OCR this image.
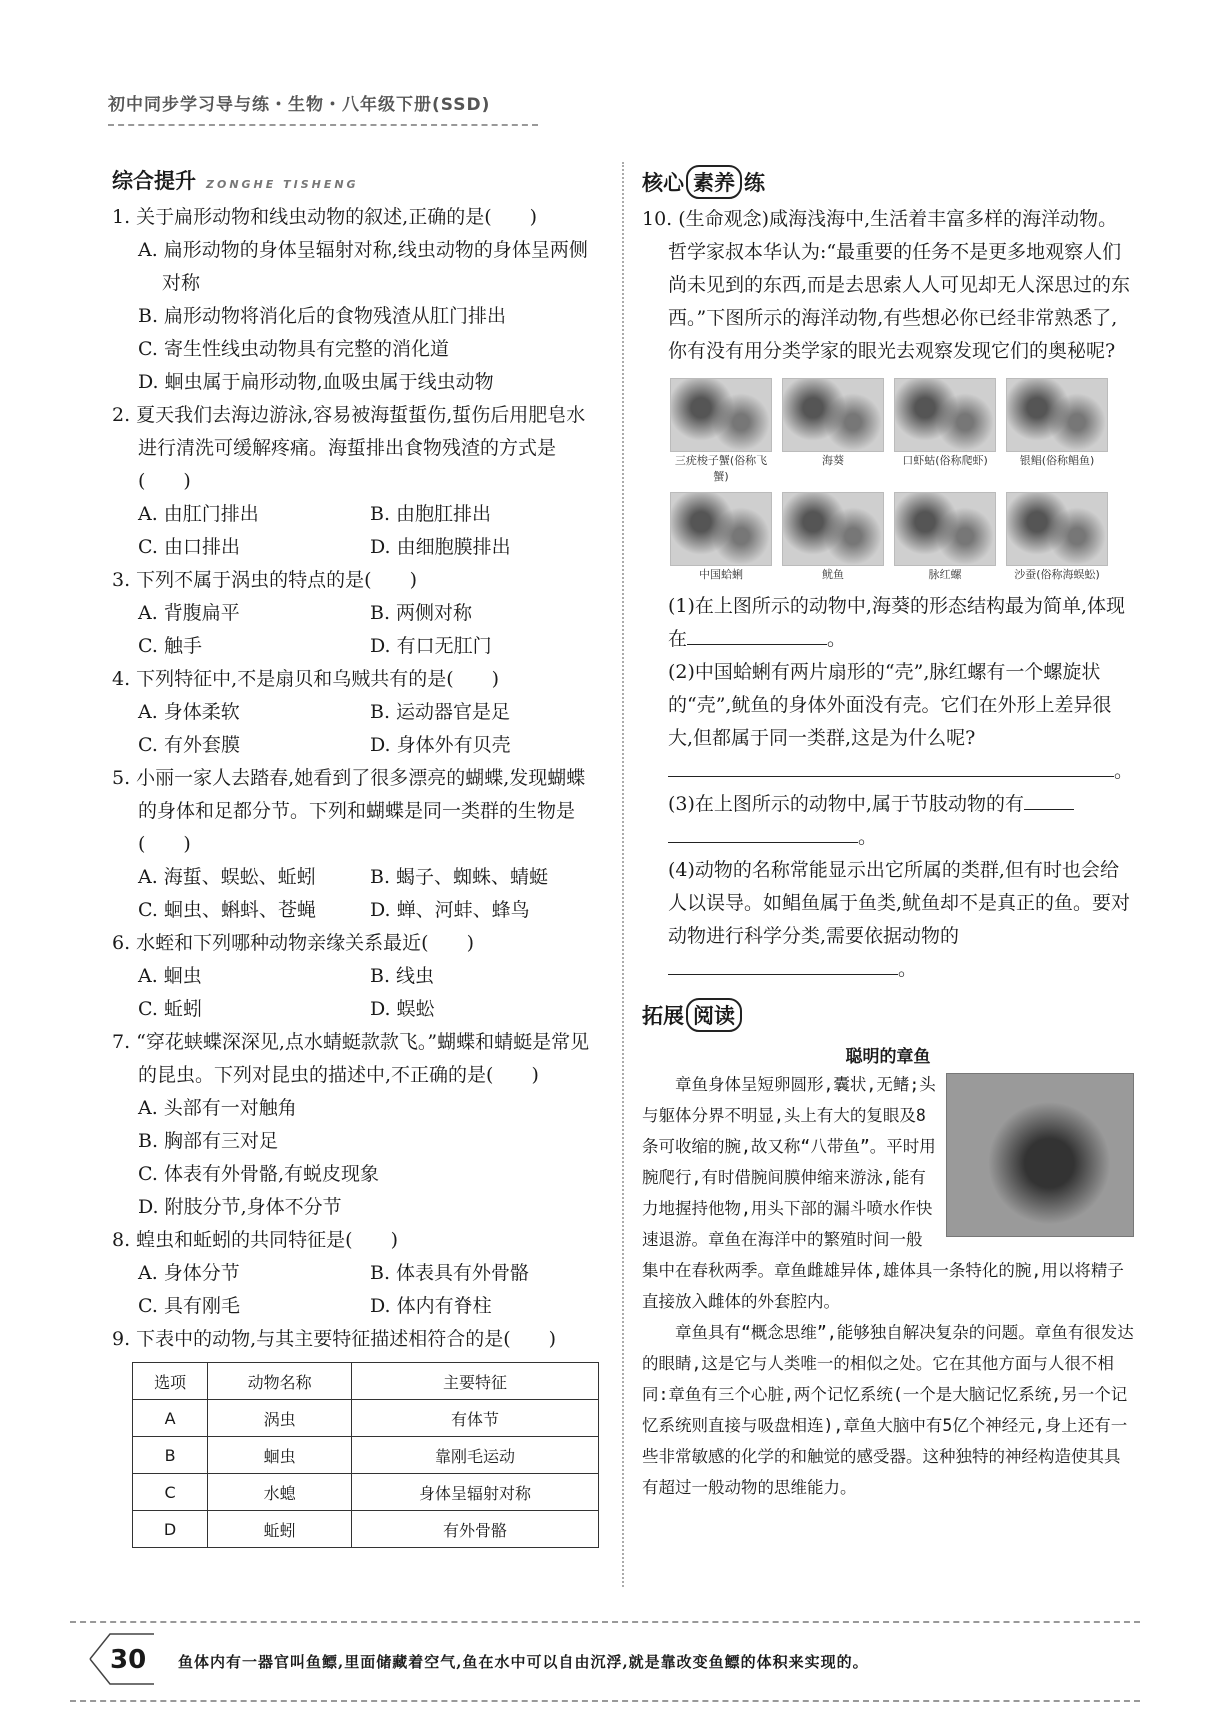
初中同步学习导与练・生物・八年级下册(SSD)
综合提升 ZONGHE TISHENG
1. 关于扁形动物和线虫动物的叙述,正确的是(　　)
A. 扁形动物的身体呈辐射对称,线虫动物的身体呈两侧对称
B. 扁形动物将消化后的食物残渣从肛门排出
C. 寄生性线虫动物具有完整的消化道
D. 蛔虫属于扁形动物,血吸虫属于线虫动物
2. 夏天我们去海边游泳,容易被海蜇蜇伤,蜇伤后用肥皂水进行清洗可缓解疼痛。海蜇排出食物残渣的方式是(　　)
A. 由肛门排出	B. 由胞肛排出
C. 由口排出	D. 由细胞膜排出
3. 下列不属于涡虫的特点的是(　　)
A. 背腹扁平	B. 两侧对称
C. 触手	D. 有口无肛门
4. 下列特征中,不是扇贝和乌贼共有的是(　　)
A. 身体柔软	B. 运动器官是足
C. 有外套膜	D. 身体外有贝壳
5. 小丽一家人去踏春,她看到了很多漂亮的蝴蝶,发现蝴蝶的身体和足都分节。下列和蝴蝶是同一类群的生物是(　　)
A. 海蜇、蜈蚣、蚯蚓	B. 蝎子、蜘蛛、蜻蜓
C. 蛔虫、蝌蚪、苍蝇	D. 蝉、河蚌、蜂鸟
6. 水蛭和下列哪种动物亲缘关系最近(　　)
A. 蛔虫	B. 线虫
C. 蚯蚓	D. 蜈蚣
7. “穿花蛱蝶深深见,点水蜻蜓款款飞。”蝴蝶和蜻蜓是常见的昆虫。下列对昆虫的描述中,不正确的是(　　)
A. 头部有一对触角
B. 胸部有三对足
C. 体表有外骨骼,有蜕皮现象
D. 附肢分节,身体不分节
8. 蝗虫和蚯蚓的共同特征是(　　)
A. 身体分节	B. 体表具有外骨骼
C. 具有刚毛	D. 体内有脊柱
9. 下表中的动物,与其主要特征描述相符合的是(　　)
选项	动物名称	主要特征
A	涡虫	有体节
B	蛔虫	靠刚毛运动
C	水螅	身体呈辐射对称
D	蚯蚓	有外骨骼
核心 素养 练
10. (生命观念)咸海浅海中,生活着丰富多样的海洋动物。哲学家叔本华认为:“最重要的任务不是更多地观察人们尚未见到的东西,而是去思索人人可见却无人深思过的东西。”下图所示的海洋动物,有些想必你已经非常熟悉了,你有没有用分类学家的眼光去观察发现它们的奥秘呢?
三疣梭子蟹(俗称飞蟹)
海葵	口虾蛄(俗称爬虾)	银鲳(俗称鲳鱼)
中国蛤蜊	鱿鱼	脉红螺	沙蚕(俗称海蜈蚣)
(1)在上图所示的动物中,海葵的形态结构最为简单,体现在	。
(2)中国蛤蜊有两片扇形的“壳”,脉红螺有一个螺旋状的“壳”,鱿鱼的身体外面没有壳。它们在外形上差异很大,但都属于同一类群,这是为什么呢?
。
(3)在上图所示的动物中,属于节肢动物的有
。
(4)动物的名称常能显示出它所属的类群,但有时也会给人以误导。如鲳鱼属于鱼类,鱿鱼却不是真正的鱼。要对动物进行科学分类,需要依据动物的
。
拓展 阅读
聪明的章鱼

章鱼身体呈短卵圆形,囊状,无鳍;头与躯体分界不明显,头上有大的复眼及8条可收缩的腕,故又称“八带鱼”。平时用腕爬行,有时借腕间膜伸缩来游泳,能有力地握持他物,用头下部的漏斗喷水作快速退游。章鱼在海洋中的繁殖时间一般集中在春秋两季。章鱼雌雄异体,雄体具一条特化的腕,用以将精子直接放入雌体的外套腔内。

章鱼具有“概念思维”,能够独自解决复杂的问题。章鱼有很发达的眼睛,这是它与人类唯一的相似之处。它在其他方面与人很不相同:章鱼有三个心脏,两个记忆系统(一个是大脑记忆系统,另一个记忆系统则直接与吸盘相连),章鱼大脑中有5亿个神经元,身上还有一些非常敏感的化学的和触觉的感受器。这种独特的神经构造使其具有超过一般动物的思维能力。

30 鱼体内有一器官叫鱼鳔,里面储藏着空气,鱼在水中可以自由沉浮,就是靠改变鱼鳔的体积来实现的。
